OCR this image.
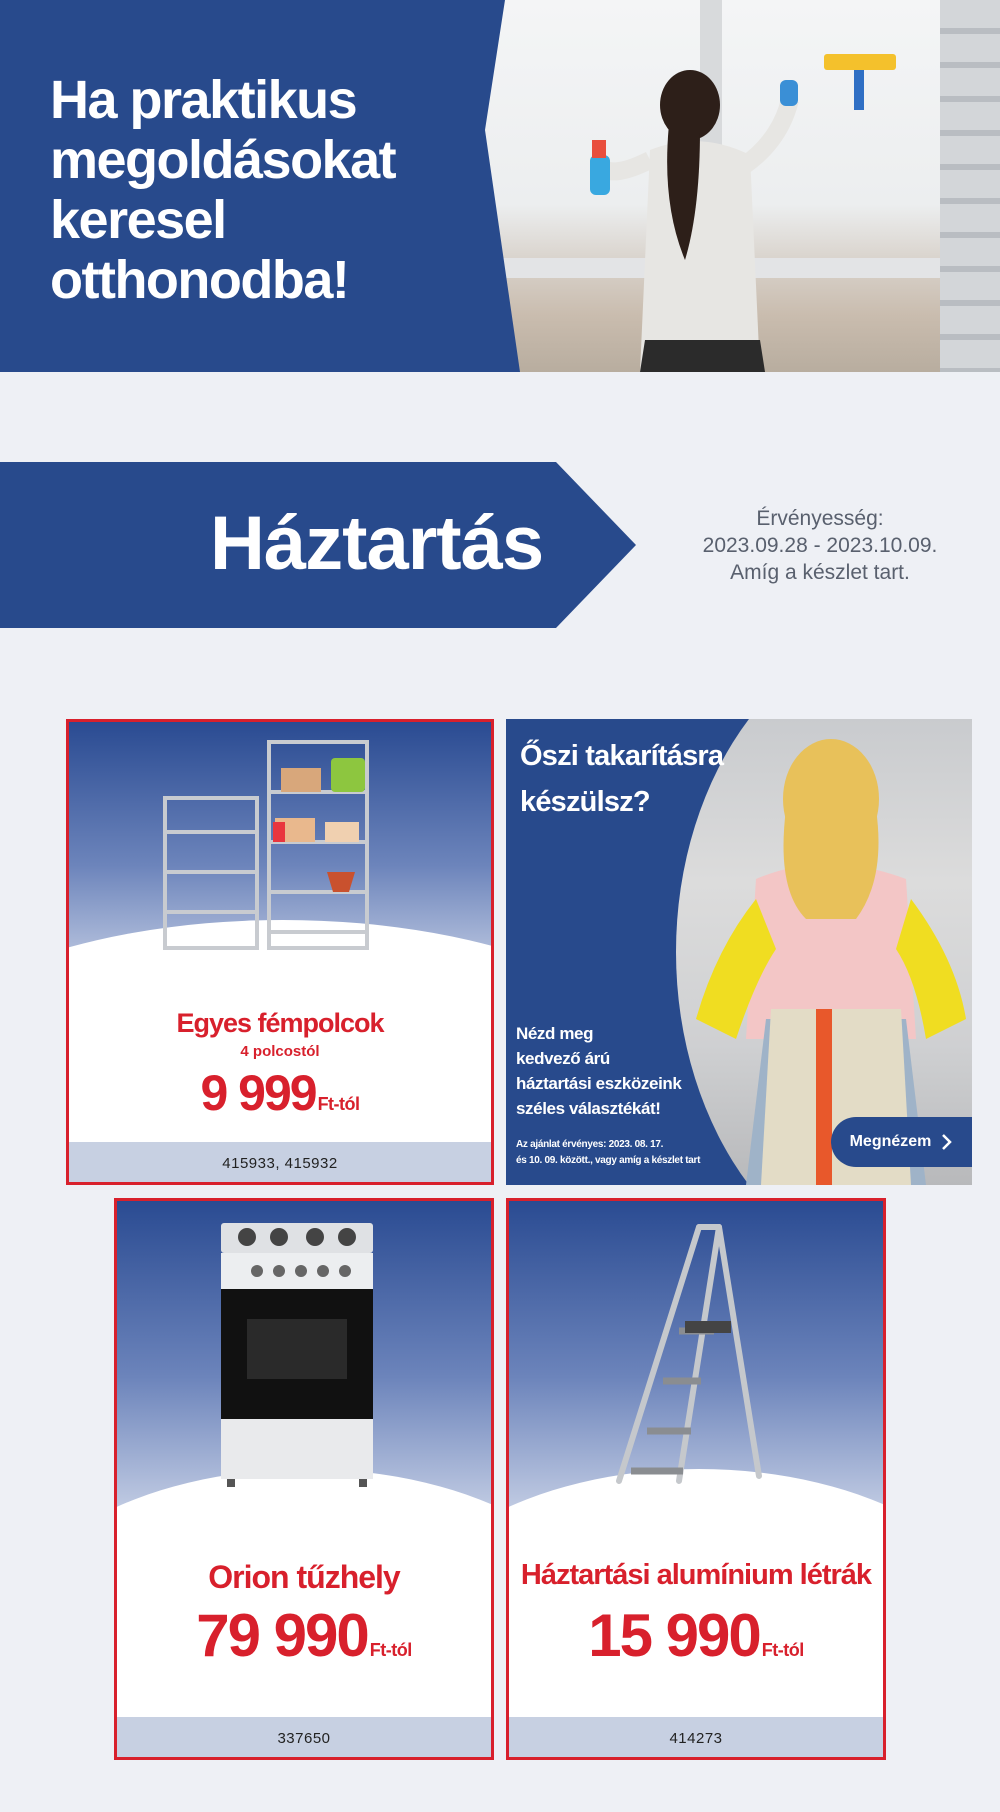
Ha praktikus
megoldásokat
keresel
otthonodba!
Háztartás	Érvényesség:
2023.09.28 - 2023.10.09.
Amíg a készlet tart.
Egyes fémpolcok
4 polcostól
9 999 Ft-tól
415933, 415932
Őszi takarításra
készülsz?
Nézd meg
kedvező árú
háztartási eszközeink
széles választékát!
Az ajánlat érvényes: 2023. 08. 17.
és 10. 09. között., vagy amíg a készlet tart
Megnézem
Orion tűzhely
79 990 Ft-tól
337650
Háztartási alumínium létrák
15 990 Ft-tól
414273
